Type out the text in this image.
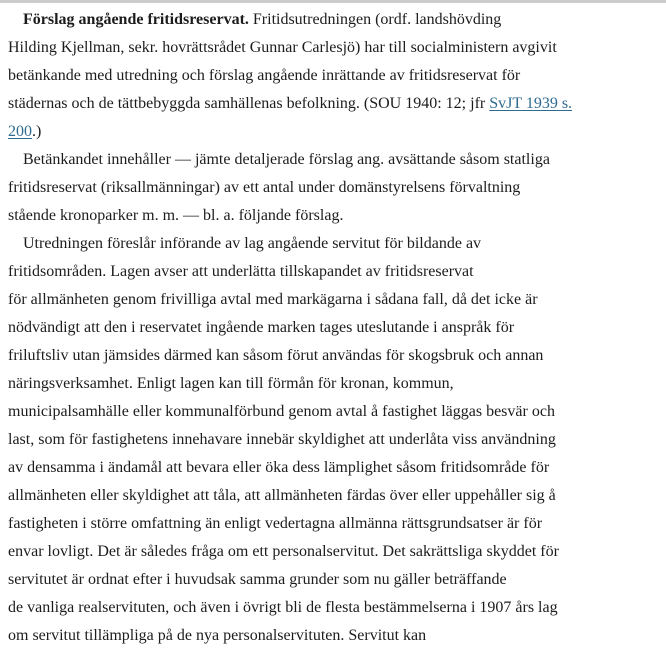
Förslag angående fritidsreservat. Fritidsutredningen (ordf. landshövding
Hilding Kjellman, sekr. hovrättsrådet Gunnar Carlesjö) har till socialministern avgivit
betänkande med utredning och förslag angående inrättande av fritidsreservat för
städernas och de tättbebyggda samhällenas befolkning. (SOU 1940: 12; jfr SvJT 1939 s.
200.)
Betänkandet innehåller — jämte detaljerade förslag ang. avsättande såsom statliga
fritidsreservat (riksallmänningar) av ett antal under domänstyrelsens förvaltning
stående kronoparker m. m. — bl. a. följande förslag.
Utredningen föreslår införande av lag angående servitut för bildande av
fritidsområden. Lagen avser att underlätta tillskapandet av fritidsreservat
för allmänheten genom frivilliga avtal med markägarna i sådana fall, då det icke är
nödvändigt att den i reservatet ingående marken tages uteslutande i anspråk för
friluftsliv utan jämsides därmed kan såsom förut användas för skogsbruk och annan
näringsverksamhet. Enligt lagen kan till förmån för kronan, kommun,
municipalsamhälle eller kommunalförbund genom avtal å fastighet läggas besvär och
last, som för fastighetens innehavare innebär skyldighet att underlåta viss användning
av densamma i ändamål att bevara eller öka dess lämplighet såsom fritidsområde för
allmänheten eller skyldighet att tåla, att allmänheten färdas över eller uppehåller sig å
fastigheten i större omfattning än enligt vedertagna allmänna rättsgrundsatser är för
envar lovligt. Det är således fråga om ett personalservitut. Det sakrättsliga skyddet för
servitutet är ordnat efter i huvudsak samma grunder som nu gäller beträffande
de vanliga realservituten, och även i övrigt bli de flesta bestämmelserna i 1907 års lag
om servitut tillämpliga på de nya personalservituten. Servitut kan
